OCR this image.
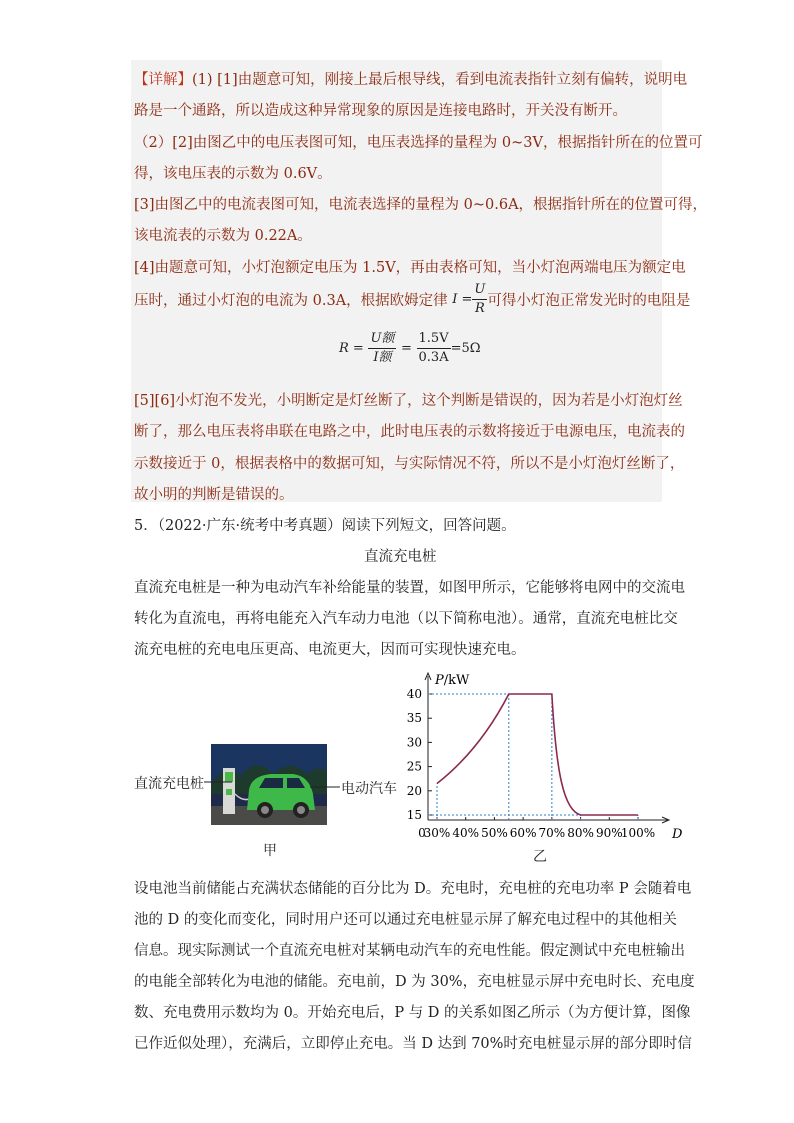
【详解】(1) [1]由题意可知，刚接上最后根导线，看到电流表指针立刻有偏转，说明电
路是一个通路，所以造成这种异常现象的原因是连接电路时，开关没有断开。
（2）[2]由图乙中的电压表图可知，电压表选择的量程为 0~3V，根据指针所在的位置可
得，该电压表的示数为 0.6V。
[3]由图乙中的电流表图可知，电流表选择的量程为 0~0.6A，根据指针所在的位置可得，
该电流表的示数为 0.22A。
[4]由题意可知，小灯泡额定电压为 1.5V，再由表格可知，当小灯泡两端电压为额定电
压时，通过小灯泡的电流为 0.3A，根据欧姆定律 $I = \frac{U}{R}$ 可得小灯泡正常发光时的电阻是
$R = \frac{\text{U额}}{\text{I额}} = \frac{1.5V}{0.3A} =5\Omega$
[5][6]小灯泡不发光，小明断定是灯丝断了，这个判断是错误的，因为若是小灯泡灯丝
断了，那么电压表将串联在电路之中，此时电压表的示数将接近于电源电压，电流表的
示数接近于 0，根据表格中的数据可知，与实际情况不符，所以不是小灯泡灯丝断了，
故小明的判断是错误的。
5．（2022·广东·统考中考真题）阅读下列短文，回答问题。
直流充电桩
直流充电桩是一种为电动汽车补给能量的装置，如图甲所示，它能够将电网中的交流电
转化为直流电，再将电能充入汽车动力电池（以下简称电池）。通常，直流充电桩比交
流充电桩的充电电压更高、电流更大，因而可实现快速充电。
直流充电桩	电动汽车
甲
P/kW
D
15
20
25
30
35
40
0
30% 40% 50% 60% 70% 80% 90%
100%
乙
设电池当前储能占充满状态储能的百分比为 D。充电时，充电桩的充电功率 P 会随着电
池的 D 的变化而变化，同时用户还可以通过充电桩显示屏了解充电过程中的其他相关
信息。现实际测试一个直流充电桩对某辆电动汽车的充电性能。假定测试中充电桩输出
的电能全部转化为电池的储能。充电前，D 为 30%，充电桩显示屏中充电时长、充电度
数、充电费用示数均为 0。开始充电后，P 与 D 的关系如图乙所示（为方便计算，图像
已作近似处理），充满后，立即停止充电。当 D 达到 70%时充电桩显示屏的部分即时信
